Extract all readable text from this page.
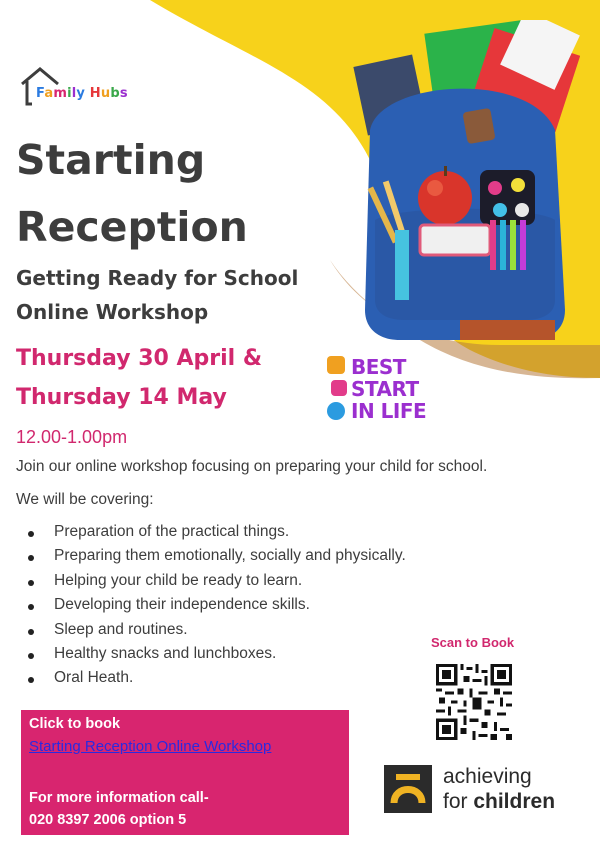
Family Hubs
Starting
Reception
Getting Ready for School
Online Workshop
Thursday 30 April &
Thursday 14 May
12.00-1.00pm
BEST
START
IN LIFE
Join our online workshop focusing on preparing your child for school.
We will be covering:
Preparation of the practical things.
Preparing them emotionally, socially and physically.
Helping your child be ready to learn.
Developing their independence skills.
Sleep and routines.
Healthy snacks and lunchboxes.
Oral Heath.
Click to book
Starting Reception Online Workshop
For more information call-
020 8397 2006 option 5
Scan to Book
achieving
for children
